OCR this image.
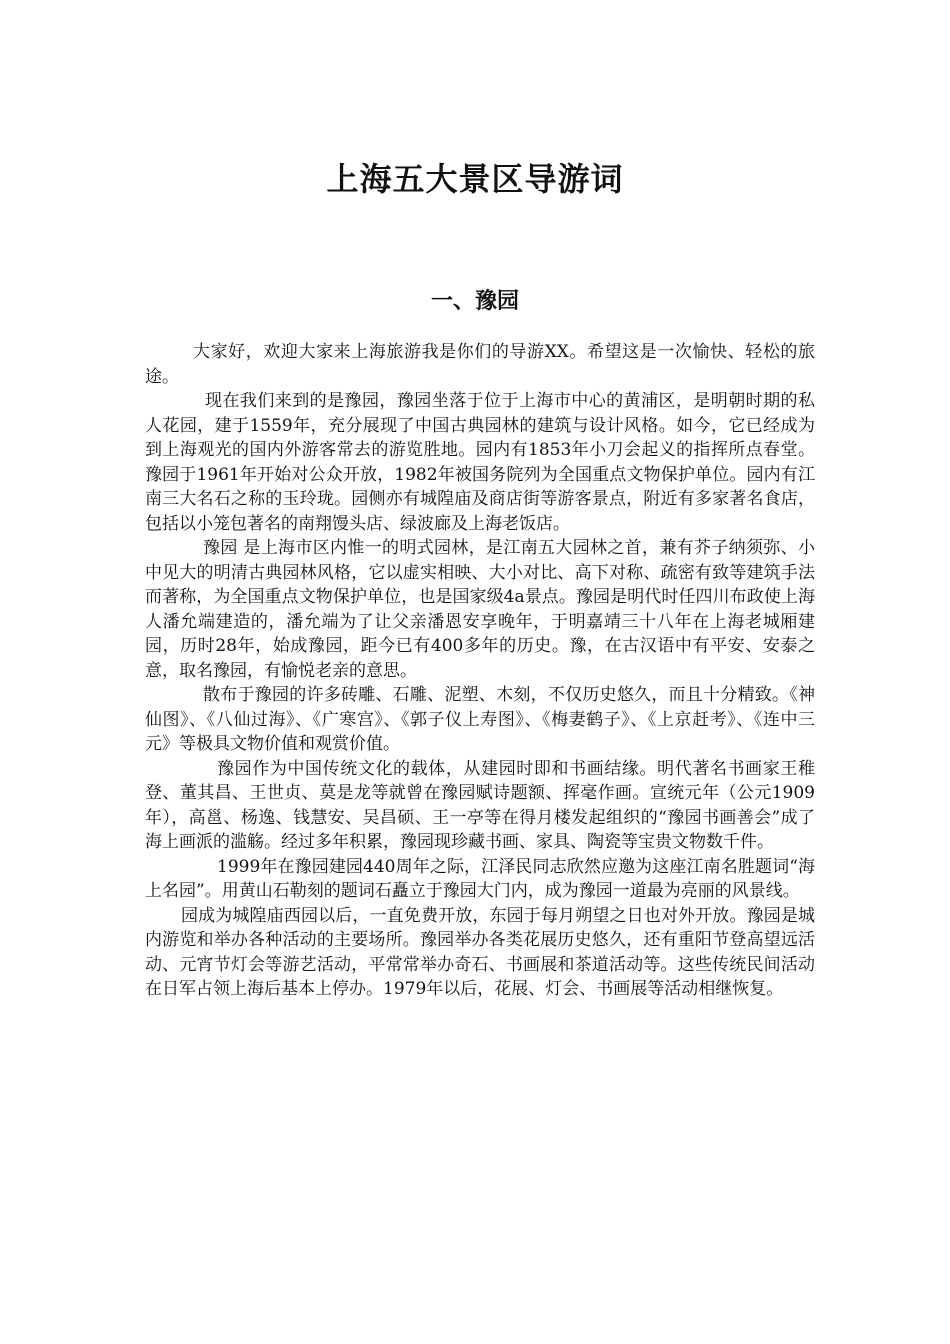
上海五大景区导游词
一、豫园

大家好，欢迎大家来上海旅游我是你们的导游XX。希望这是一次愉快、轻松的旅途。

现在我们来到的是豫园，豫园坐落于位于上海市中心的黄浦区，是明朝时期的私人花园，建于1559年，充分展现了中国古典园林的建筑与设计风格。如今，它已经成为到上海观光的国内外游客常去的游览胜地。园内有1853年小刀会起义的指挥所点春堂。豫园于1961年开始对公众开放，1982年被国务院列为全国重点文物保护单位。园内有江南三大名石之称的玉玲珑。园侧亦有城隍庙及商店街等游客景点，附近有多家著名食店，包括以小笼包著名的南翔馒头店、绿波廊及上海老饭店。

豫园 是上海市区内惟一的明式园林，是江南五大园林之首，兼有芥子纳须弥、小中见大的明清古典园林风格，它以虚实相映、大小对比、高下对称、疏密有致等建筑手法而著称，为全国重点文物保护单位，也是国家级4a景点。豫园是明代时任四川布政使上海人潘允端建造的，潘允端为了让父亲潘恩安享晚年，于明嘉靖三十八年在上海老城厢建园，历时28年，始成豫园，距今已有400多年的历史。豫，在古汉语中有平安、安泰之意，取名豫园，有愉悦老亲的意思。

散布于豫园的许多砖雕、石雕、泥塑、木刻，不仅历史悠久，而且十分精致。《神仙图》、《八仙过海》、《广寒宫》、《郭子仪上寿图》、《梅妻鹤子》、《上京赶考》、《连中三元》等极具文物价值和观赏价值。

豫园作为中国传统文化的载体，从建园时即和书画结缘。明代著名书画家王稚登、董其昌、王世贞、莫是龙等就曾在豫园赋诗题额、挥毫作画。宣统元年（公元1909年），高邕、杨逸、钱慧安、吴昌硕、王一亭等在得月楼发起组织的“豫园书画善会”成了海上画派的滥觞。经过多年积累，豫园现珍藏书画、家具、陶瓷等宝贵文物数千件。

1999年在豫园建园440周年之际，江泽民同志欣然应邀为这座江南名胜题词“海上名园”。用黄山石勒刻的题词石矗立于豫园大门内，成为豫园一道最为亮丽的风景线。

园成为城隍庙西园以后，一直免费开放，东园于每月朔望之日也对外开放。豫园是城内游览和举办各种活动的主要场所。豫园举办各类花展历史悠久，还有重阳节登高望远活动、元宵节灯会等游艺活动，平常常举办奇石、书画展和茶道活动等。这些传统民间活动在日军占领上海后基本上停办。1979年以后，花展、灯会、书画展等活动相继恢复。
